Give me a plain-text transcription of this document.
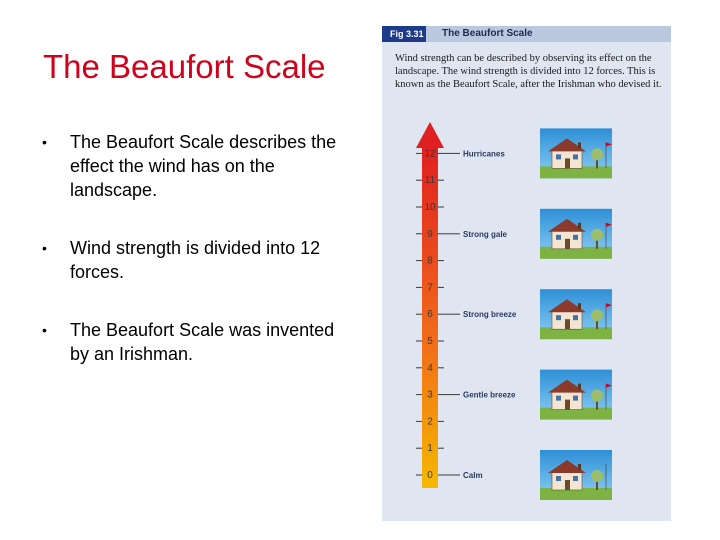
The Beaufort Scale
• The Beaufort Scale describes the effect the wind has on the landscape.
• Wind strength is divided into 12 forces.
• The Beaufort Scale was invented by an Irishman.
Fig 3.31 The Beaufort Scale

Wind strength can be described by observing its effect on the landscape. The wind strength is divided into 12 forces. This is known as the Beaufort Scale, after the Irishman who devised it.

0
1
2
3
4
5
6
7
8
9
10
11
12	Hurricanes
Strong gale
Strong breeze
Gentle breeze
Calm
